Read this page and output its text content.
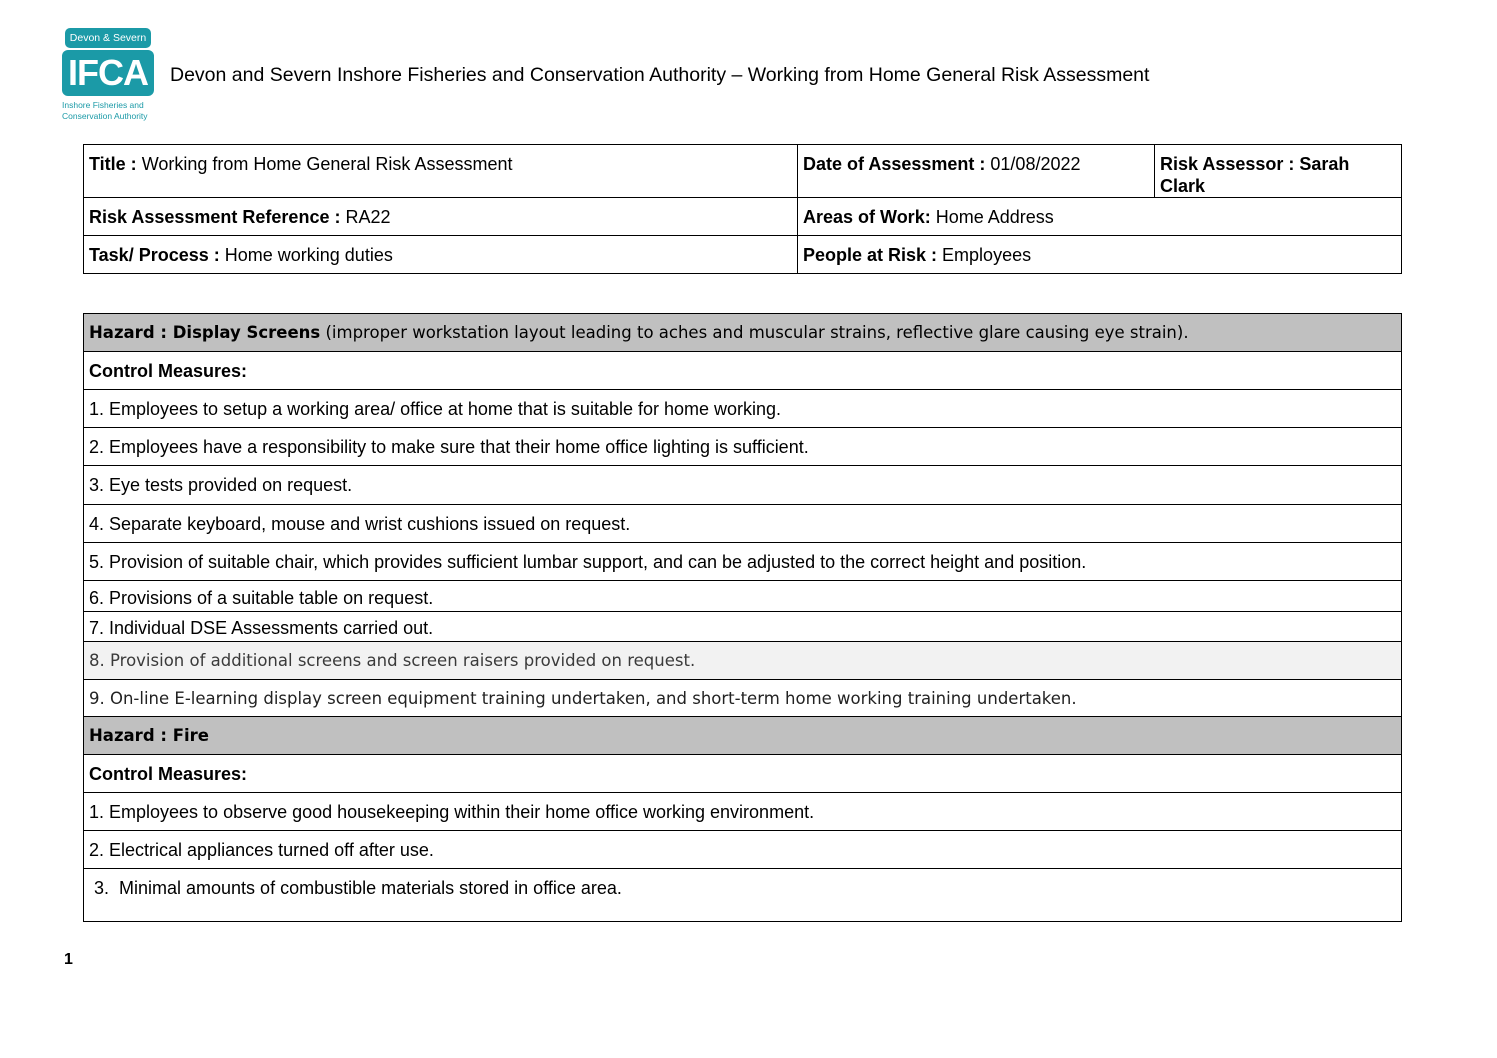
Devon & Severn
IFCA
Inshore Fisheries and
Conservation Authority
Devon and Severn Inshore Fisheries and Conservation Authority – Working from Home General Risk Assessment
Title : Working from Home General Risk Assessment	Date of Assessment : 01/08/2022	Risk Assessor : Sarah Clark
Risk Assessment Reference : RA22	Areas of Work: Home Address	
Task/ Process : Home working duties	People at Risk : Employees	
Hazard : Display Screens (improper workstation layout leading to aches and muscular strains, reflective glare causing eye strain).
Control Measures:
1. Employees to setup a working area/ office at home that is suitable for home working.
2. Employees have a responsibility to make sure that their home office lighting is sufficient.
3. Eye tests provided on request.
4. Separate keyboard, mouse and wrist cushions issued on request.
5. Provision of suitable chair, which provides sufficient lumbar support, and can be adjusted to the correct height and position.
6. Provisions of a suitable table on request.
7. Individual DSE Assessments carried out.
8. Provision of additional screens and screen raisers provided on request.
9. On-line E-learning display screen equipment training undertaken, and short-term home working training undertaken.
Hazard : Fire
Control Measures:
1. Employees to observe good housekeeping within their home office working environment.
2. Electrical appliances turned off after use.
3.  Minimal amounts of combustible materials stored in office area.
1
